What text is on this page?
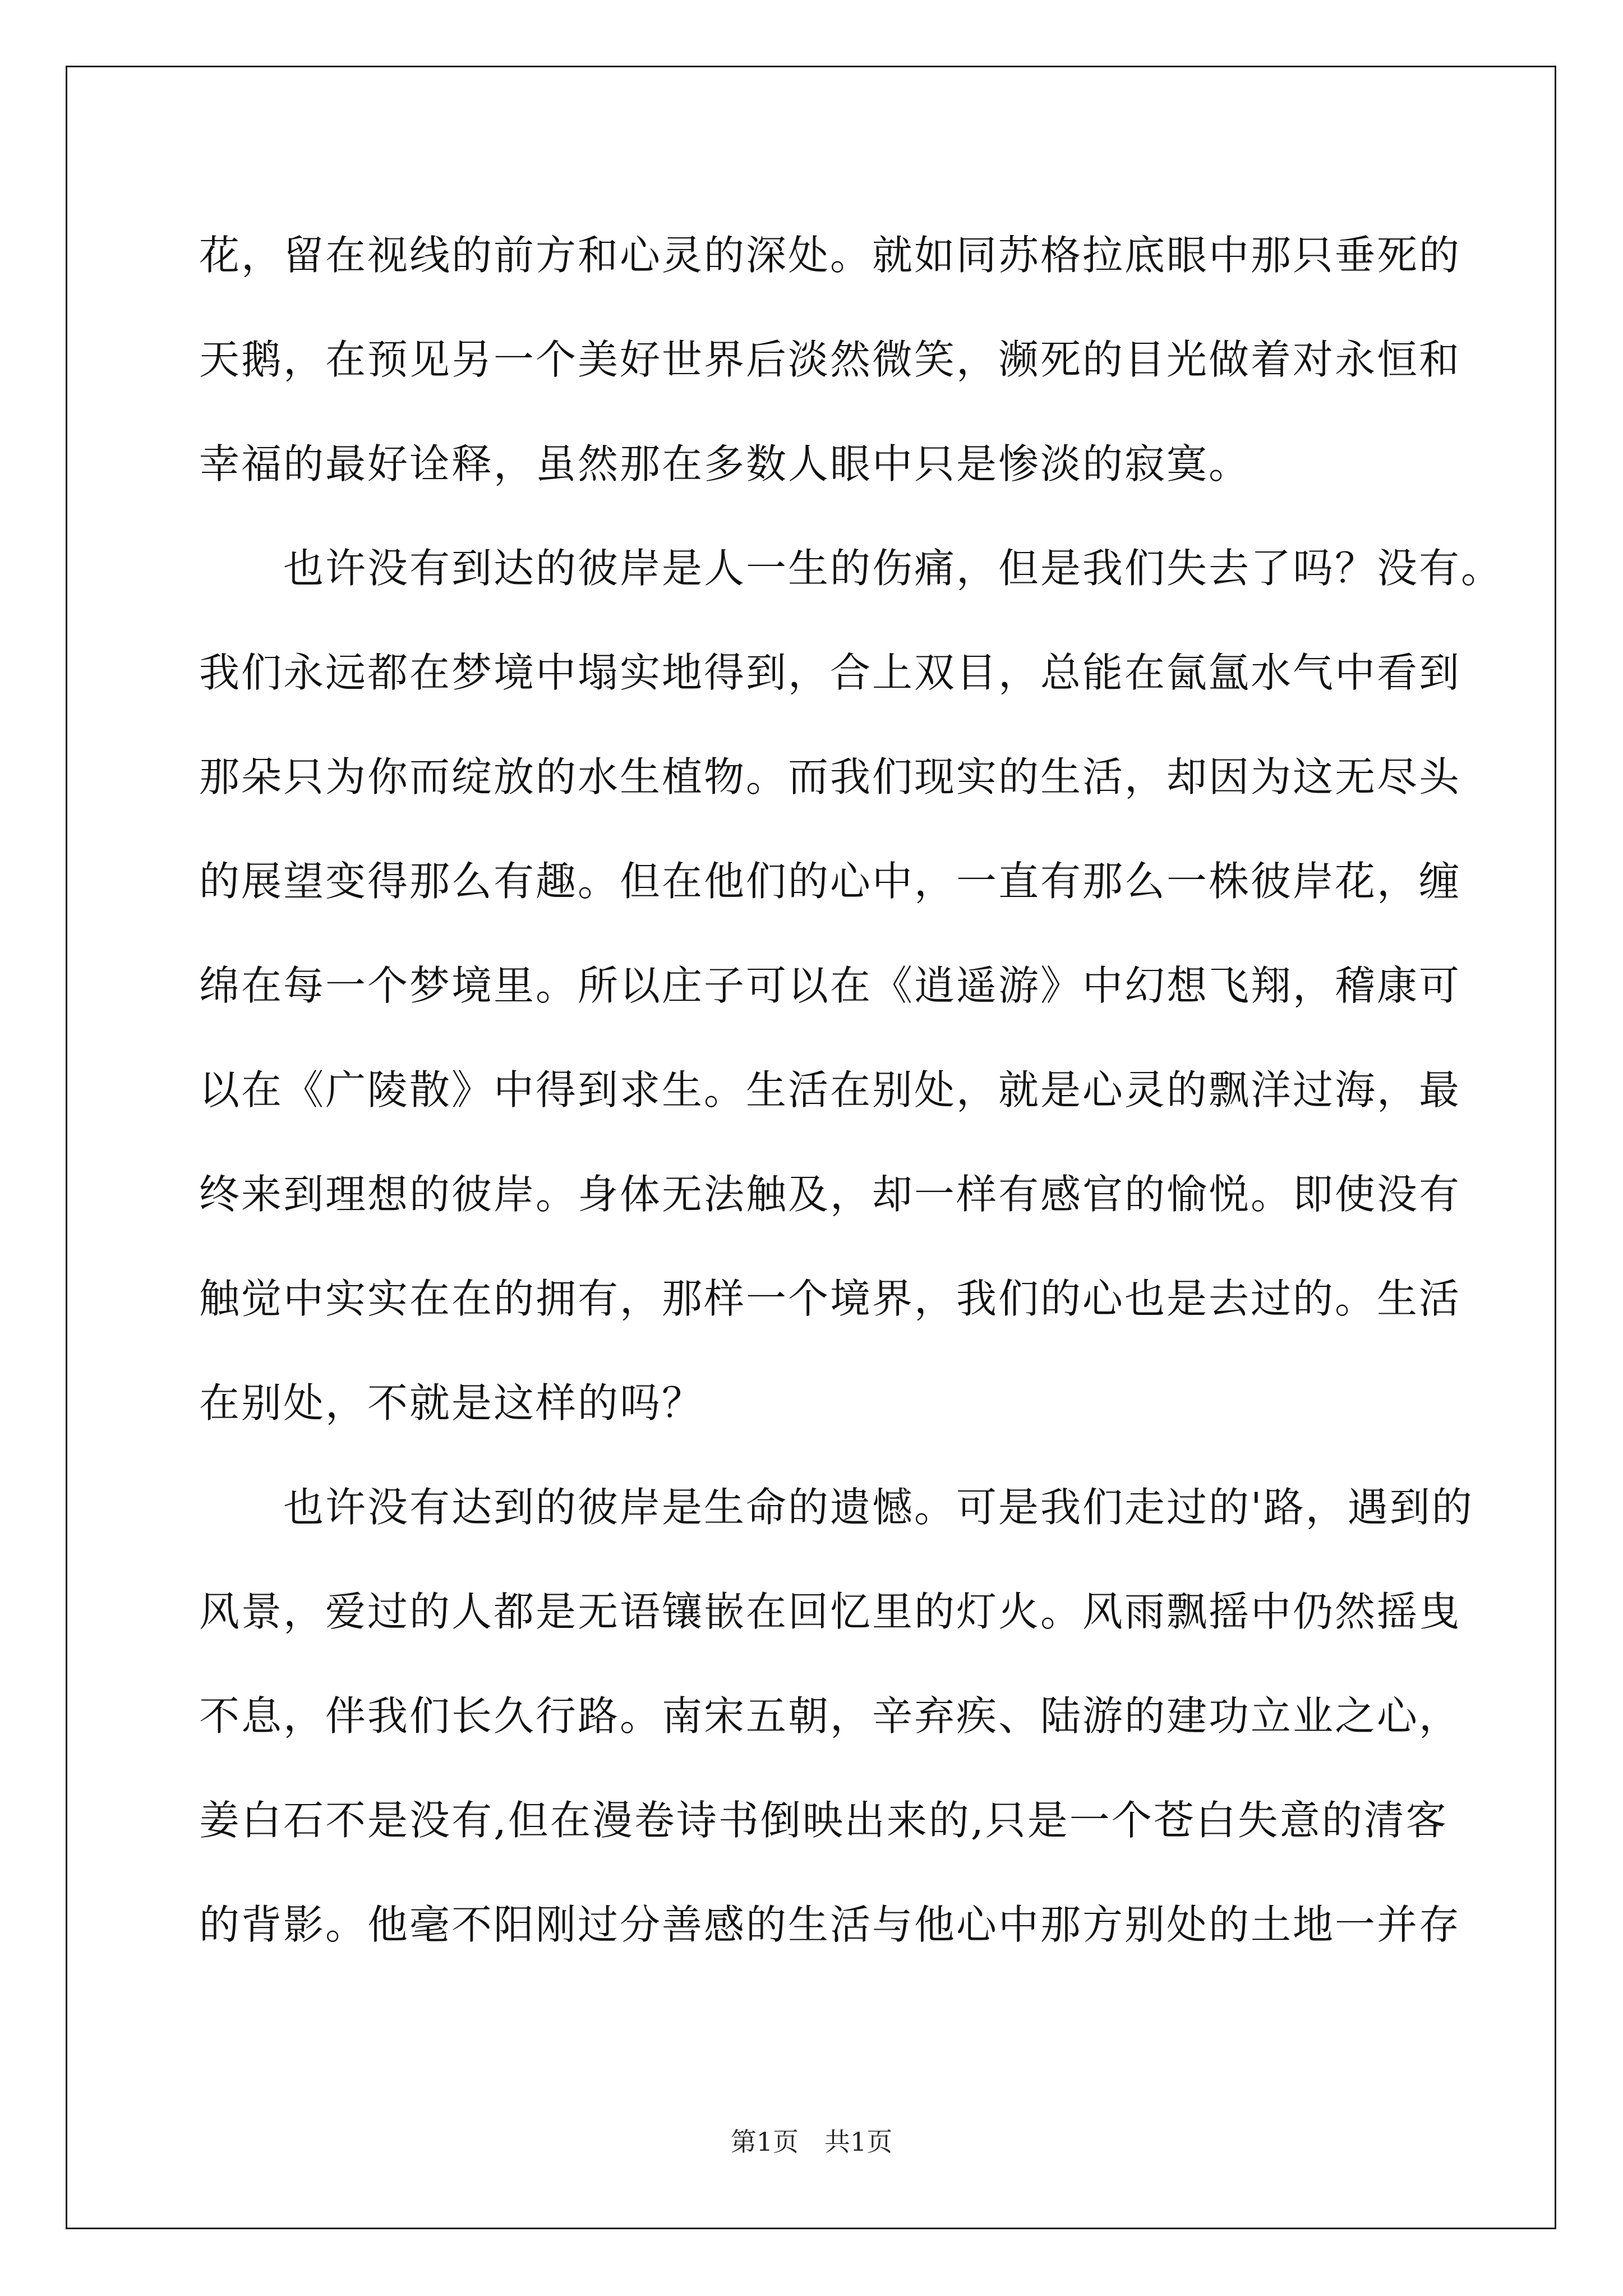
花，留在视线的前方和心灵的深处。就如同苏格拉底眼中那只垂死的
天鹅，在预见另一个美好世界后淡然微笑，濒死的目光做着对永恒和
幸福的最好诠释，虽然那在多数人眼中只是惨淡的寂寞。
　　也许没有到达的彼岸是人一生的伤痛，但是我们失去了吗？没有。
我们永远都在梦境中塌实地得到，合上双目，总能在氤氲水气中看到
那朵只为你而绽放的水生植物。而我们现实的生活，却因为这无尽头
的展望变得那么有趣。但在他们的心中，一直有那么一株彼岸花，缠
绵在每一个梦境里。所以庄子可以在《逍遥游》中幻想飞翔，稽康可
以在《广陵散》中得到求生。生活在别处，就是心灵的飘洋过海，最
终来到理想的彼岸。身体无法触及，却一样有感官的愉悦。即使没有
触觉中实实在在的拥有，那样一个境界，我们的心也是去过的。生活
在别处，不就是这样的吗？
　　也许没有达到的彼岸是生命的遗憾。可是我们走过的'路，遇到的
风景，爱过的人都是无语镶嵌在回忆里的灯火。风雨飘摇中仍然摇曳
不息，伴我们长久行路。南宋五朝，辛弃疾、陆游的建功立业之心，
姜白石不是没有,但在漫卷诗书倒映出来的,只是一个苍白失意的清客
的背影。他毫不阳刚过分善感的生活与他心中那方别处的土地一并存
第1页　共1页
